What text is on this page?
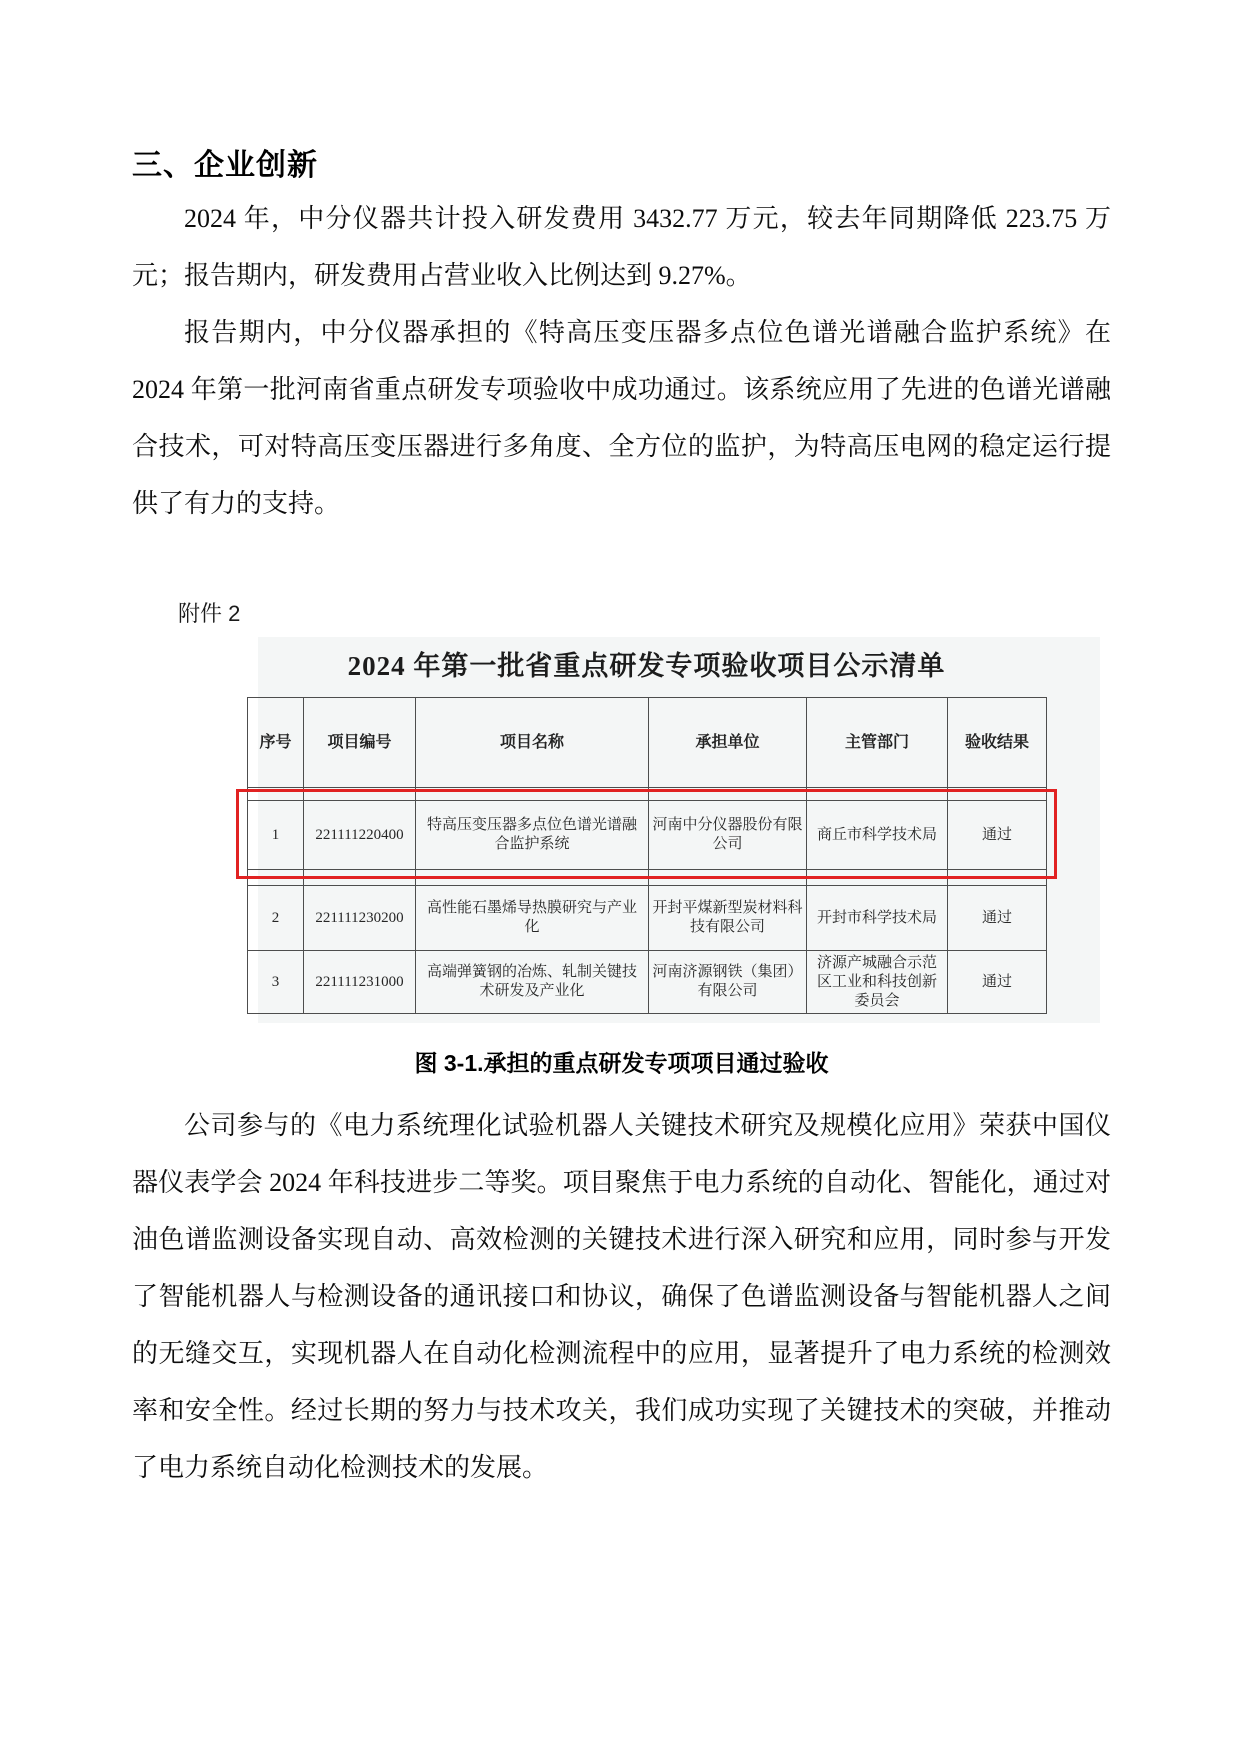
三、企业创新

2024 年，中分仪器共计投入研发费用 3432.77 万元，较去年同期降低 223.75 万元；报告期内，研发费用占营业收入比例达到 9.27%。

报告期内，中分仪器承担的《特高压变压器多点位色谱光谱融合监护系统》在 2024 年第一批河南省重点研发专项验收中成功通过。该系统应用了先进的色谱光谱融合技术，可对特高压变压器进行多角度、全方位的监护，为特高压电网的稳定运行提供了有力的支持。

附件 2
2024 年第一批省重点研发专项验收项目公示清单
序号	项目编号	项目名称	承担单位	主管部门	验收结果

1	221111220400	特高压变压器多点位色谱光谱融合监护系统	河南中分仪器股份有限公司	商丘市科学技术局	通过

2	221111230200	高性能石墨烯导热膜研究与产业化	开封平煤新型炭材料科技有限公司	开封市科学技术局	通过
3	221111231000	高端弹簧钢的冶炼、轧制关键技术研发及产业化	河南济源钢铁（集团）有限公司	济源产城融合示范区工业和科技创新委员会	通过
图 3-1.承担的重点研发专项项目通过验收

公司参与的《电力系统理化试验机器人关键技术研究及规模化应用》荣获中国仪器仪表学会 2024 年科技进步二等奖。项目聚焦于电力系统的自动化、智能化，通过对油色谱监测设备实现自动、高效检测的关键技术进行深入研究和应用，同时参与开发了智能机器人与检测设备的通讯接口和协议，确保了色谱监测设备与智能机器人之间的无缝交互，实现机器人在自动化检测流程中的应用，显著提升了电力系统的检测效率和安全性。经过长期的努力与技术攻关，我们成功实现了关键技术的突破，并推动了电力系统自动化检测技术的发展。
